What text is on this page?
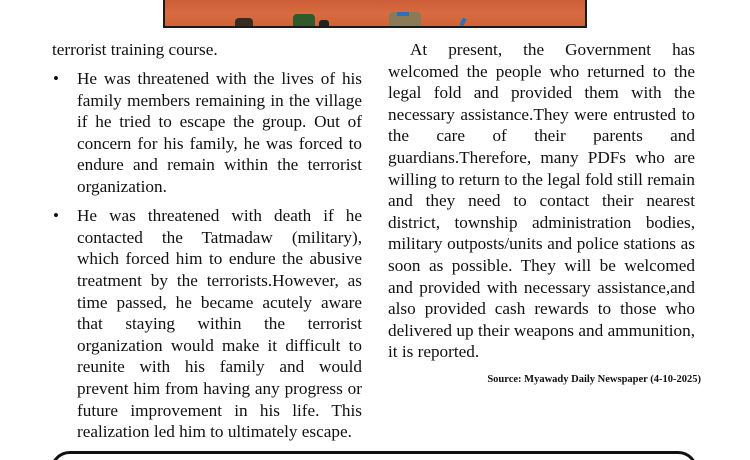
terrorist training course.

• He was threatened with the lives of his family members remaining in the village if he tried to escape the group. Out of concern for his family, he was forced to endure and remain within the terrorist organization.

• He was threatened with death if he contacted the Tatmadaw (military), which forced him to endure the abusive treatment by the terrorists.However, as time passed, he became acutely aware that staying within the terrorist organization would make it difficult to reunite with his family and would prevent him from having any progress or future improvement in his life. This realization led him to ultimately escape.

At present, the Government has welcomed the people who returned to the legal fold and provided them with the necessary assistance.They were entrusted to the care of their parents and guardians.Therefore, many PDFs who are willing to return to the legal fold still remain and they need to contact their nearest district, township administration bodies, military outposts/units and police stations as soon as possible. They will be welcomed and provided with necessary assistance,and also provided cash rewards to those who delivered up their weapons and ammunition, it is reported.

Source: Myawady Daily Newspaper (4-10-2025)
